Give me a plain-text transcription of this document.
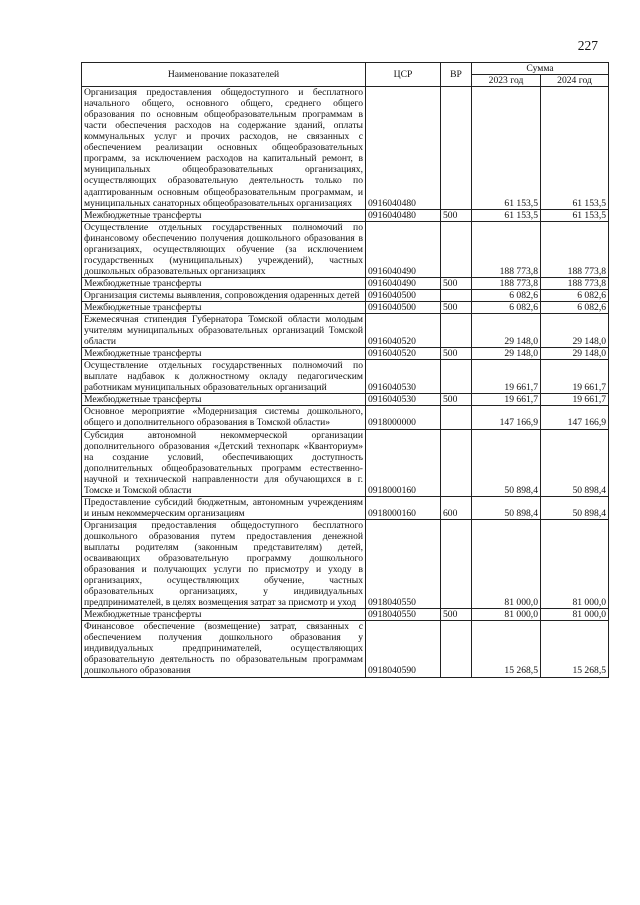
227
Наименование показателей	ЦСР	ВР	Сумма	
			2023 год	2024 год
Организация предоставления общедоступного и бесплатного начального общего, основного общего, среднего общего образования по основным общеобразовательным программам в части обеспечения расходов на содержание зданий, оплаты коммунальных услуг и прочих расходов, не связанных с обеспечением реализации основных общеобразовательных программ, за исключением расходов на капитальный ремонт, в муниципальных общеобразовательных организациях, осуществляющих образовательную деятельность только по адаптированным основным общеобразовательным программам, и муниципальных санаторных общеобразовательных организациях	0916040480		61 153,5	61 153,5
Межбюджетные трансферты	0916040480	500	61 153,5	61 153,5
Осуществление отдельных государственных полномочий по финансовому обеспечению получения дошкольного образования в организациях, осуществляющих обучение (за исключением государственных (муниципальных) учреждений), частных дошкольных образовательных организациях	0916040490		188 773,8	188 773,8
Межбюджетные трансферты	0916040490	500	188 773,8	188 773,8
Организация системы выявления, сопровождения одаренных детей	0916040500		6 082,6	6 082,6
Межбюджетные трансферты	0916040500	500	6 082,6	6 082,6
Ежемесячная стипендия Губернатора Томской области молодым учителям муниципальных образовательных организаций Томской области	0916040520		29 148,0	29 148,0
Межбюджетные трансферты	0916040520	500	29 148,0	29 148,0
Осуществление отдельных государственных полномочий по выплате надбавок к должностному окладу педагогическим работникам муниципальных образовательных организаций	0916040530		19 661,7	19 661,7
Межбюджетные трансферты	0916040530	500	19 661,7	19 661,7
Основное мероприятие «Модернизация системы дошкольного, общего и дополнительного образования в Томской области»	0918000000		147 166,9	147 166,9
Субсидия автономной некоммерческой организации дополнительного образования «Детский технопарк «Кванториум» на создание условий, обеспечивающих доступность дополнительных общеобразовательных программ естественно-научной и технической направленности для обучающихся в г. Томске и Томской области	0918000160		50 898,4	50 898,4
Предоставление субсидий бюджетным, автономным учреждениям и иным некоммерческим организациям	0918000160	600	50 898,4	50 898,4
Организация предоставления общедоступного бесплатного дошкольного образования путем предоставления денежной выплаты родителям (законным представителям) детей, осваивающих образовательную программу дошкольного образования и получающих услуги по присмотру и уходу в организациях, осуществляющих обучение, частных образовательных организациях, у индивидуальных предпринимателей, в целях возмещения затрат за присмотр и уход	0918040550		81 000,0	81 000,0
Межбюджетные трансферты	0918040550	500	81 000,0	81 000,0
Финансовое обеспечение (возмещение) затрат, связанных с обеспечением получения дошкольного образования у индивидуальных предпринимателей, осуществляющих образовательную деятельность по образовательным программам дошкольного образования	0918040590		15 268,5	15 268,5
